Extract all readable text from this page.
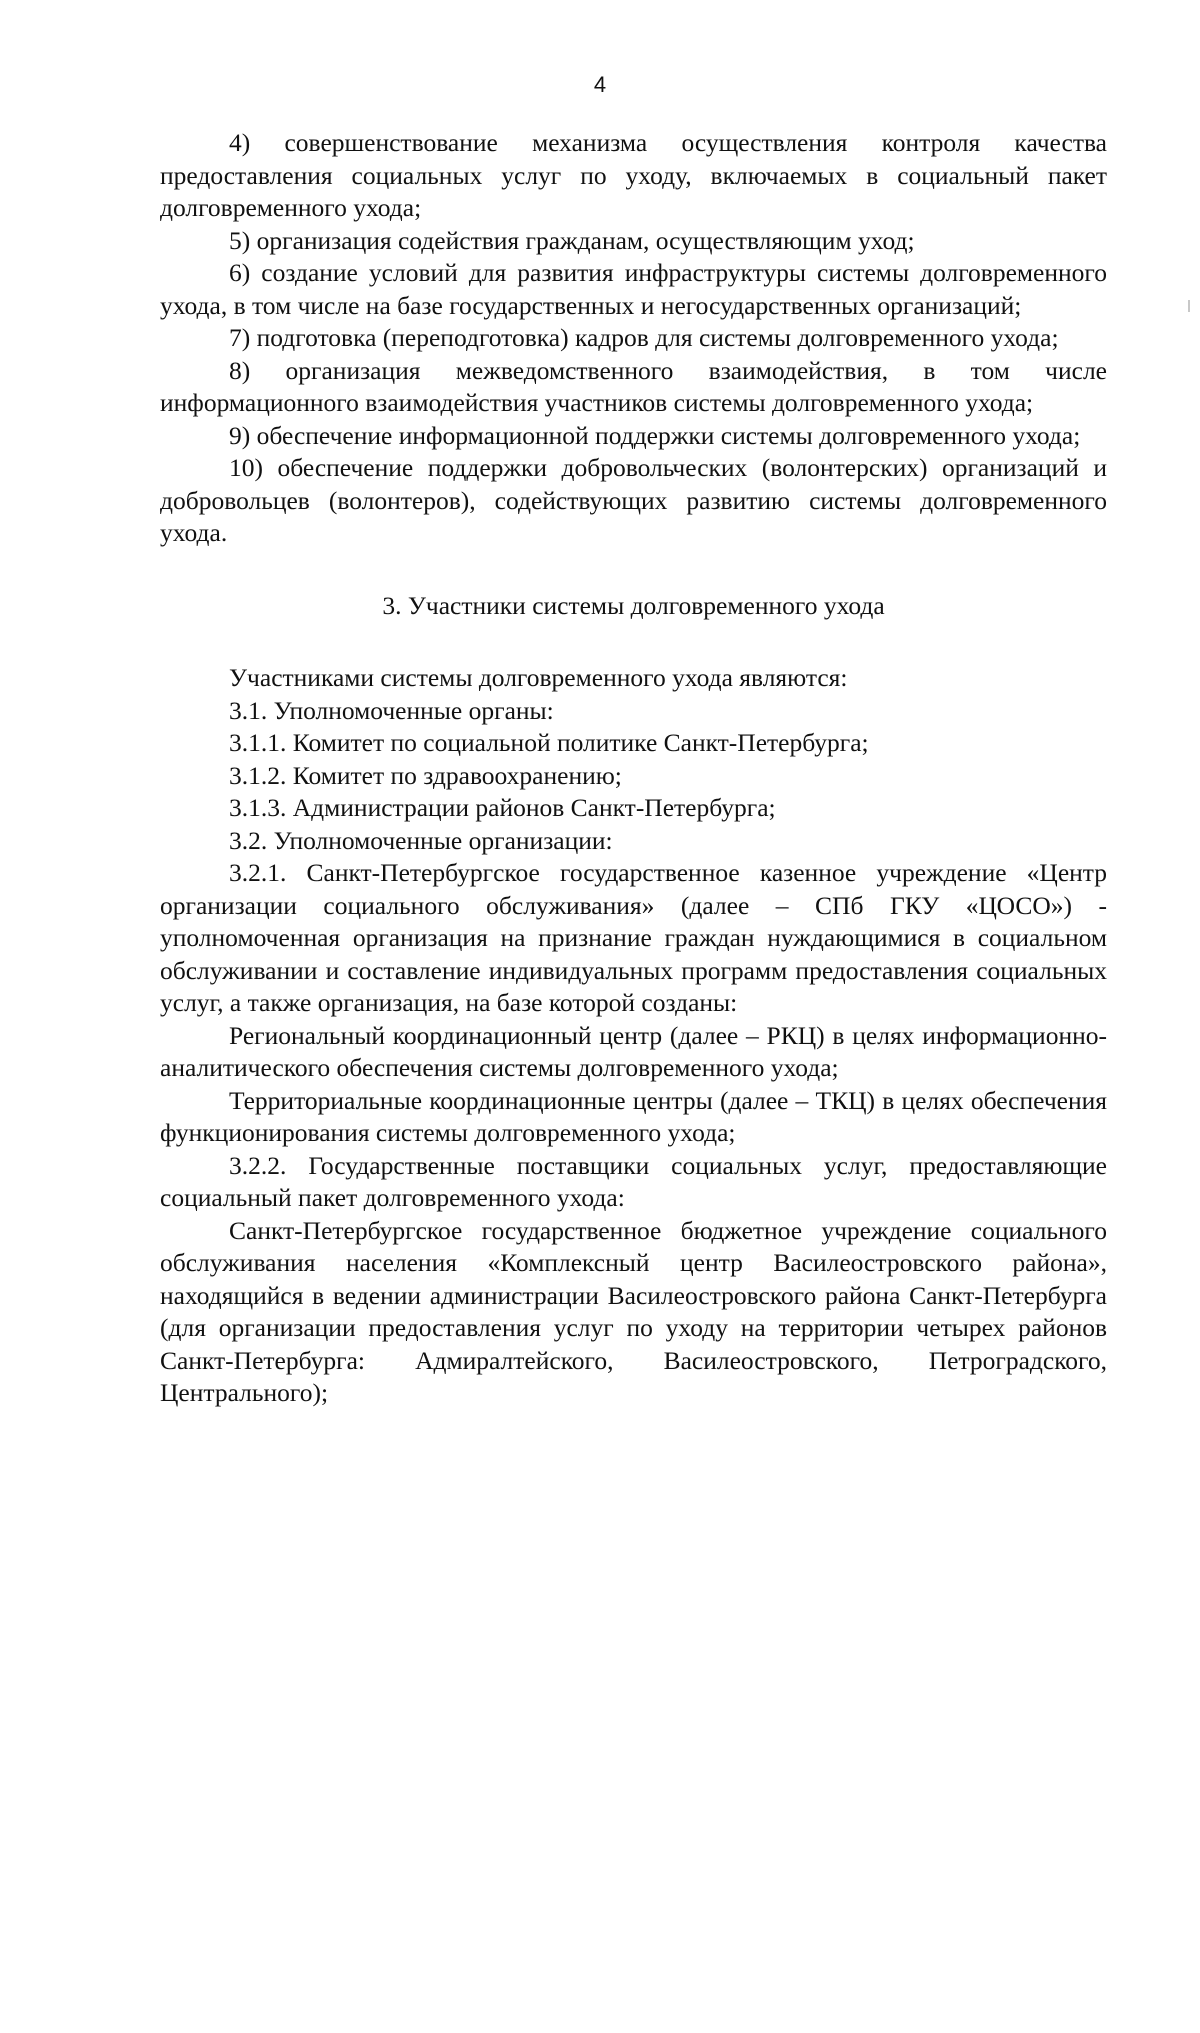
4

4) совершенствование механизма осуществления контроля качества предоставления социальных услуг по уходу, включаемых в социальный пакет долговременного ухода;

5) организация содействия гражданам, осуществляющим уход;

6) создание условий для развития инфраструктуры системы долговременного ухода, в том числе на базе государственных и негосударственных организаций;

7) подготовка (переподготовка) кадров для системы долговременного ухода;

8) организация межведомственного взаимодействия, в том числе информационного взаимодействия участников системы долговременного ухода;

9) обеспечение информационной поддержки системы долговременного ухода;

10) обеспечение поддержки добровольческих (волонтерских) организаций и добровольцев (волонтеров), содействующих развитию системы долговременного ухода.

3. Участники системы долговременного ухода

Участниками системы долговременного ухода являются:

3.1. Уполномоченные органы:

3.1.1. Комитет по социальной политике Санкт-Петербурга;

3.1.2. Комитет по здравоохранению;

3.1.3. Администрации районов Санкт-Петербурга;

3.2. Уполномоченные организации:

3.2.1. Санкт-Петербургское государственное казенное учреждение «Центр организации социального обслуживания» (далее – СПб ГКУ «ЦОСО») - уполномоченная организация на признание граждан нуждающимися в социальном обслуживании и составление индивидуальных программ предоставления социальных услуг, а также организация, на базе которой созданы:

Региональный координационный центр (далее – РКЦ) в целях информационно-аналитического обеспечения системы долговременного ухода;

Территориальные координационные центры (далее – ТКЦ) в целях обеспечения функционирования системы долговременного ухода;

3.2.2. Государственные поставщики социальных услуг, предоставляющие социальный пакет долговременного ухода:

Санкт-Петербургское государственное бюджетное учреждение социального обслуживания населения «Комплексный центр Василеостровского района», находящийся в ведении администрации Василеостровского района Санкт-Петербурга (для организации предоставления услуг по уходу на территории четырех районов Санкт-Петербурга: Адмиралтейского, Василеостровского, Петроградского, Центрального);
